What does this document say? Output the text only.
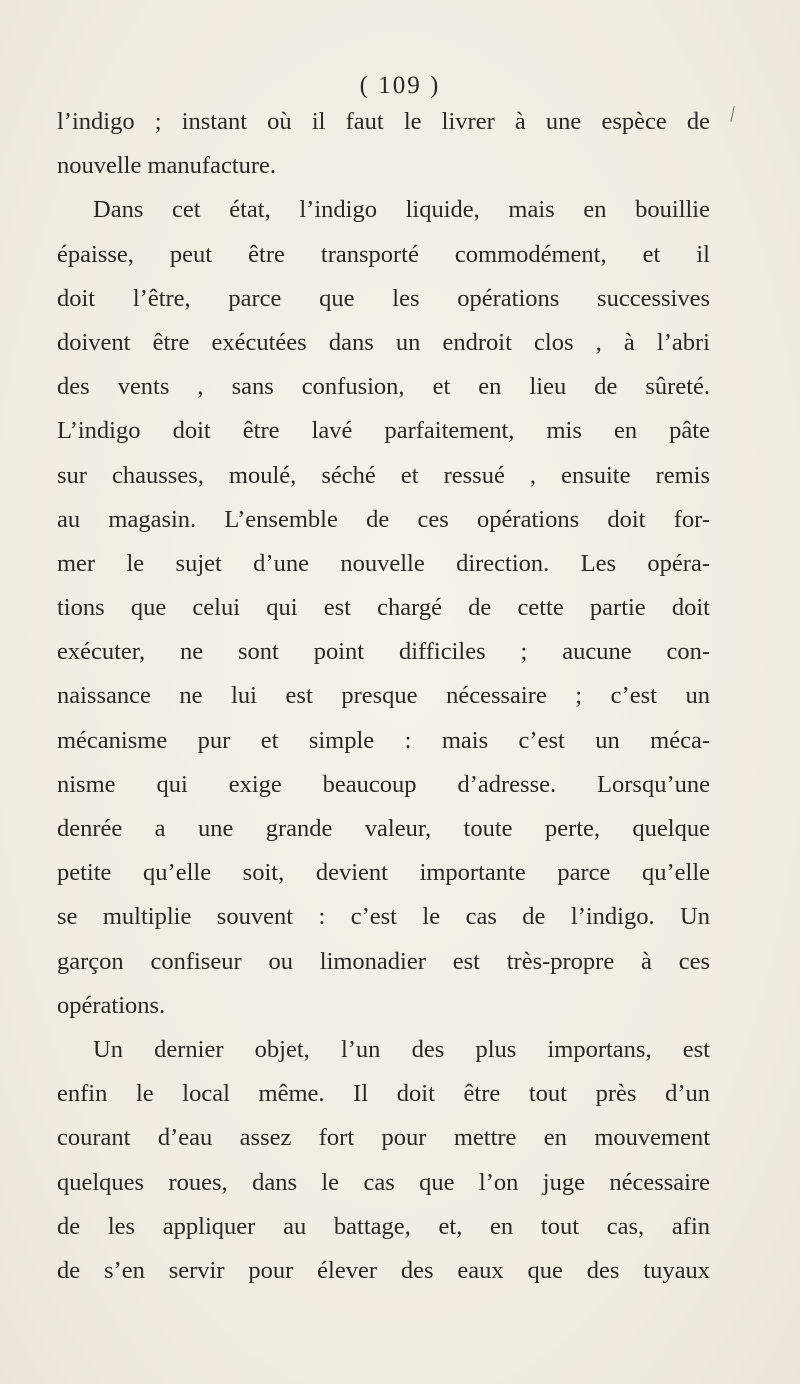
( 109 )
l’indigo ; instant où il faut le livrer à une espèce de
nouvelle manufacture.
Dans cet état, l’indigo liquide, mais en bouillie
épaisse, peut être transporté commodément, et il
doit l’être, parce que les opérations successives
doivent être exécutées dans un endroit clos , à l’abri
des vents , sans confusion, et en lieu de sûreté.
L’indigo doit être lavé parfaitement, mis en pâte
sur chausses, moulé, séché et ressué , ensuite remis
au magasin. L’ensemble de ces opérations doit for-
mer le sujet d’une nouvelle direction. Les opéra-
tions que celui qui est chargé de cette partie doit
exécuter, ne sont point difficiles ; aucune con-
naissance ne lui est presque nécessaire ; c’est un
mécanisme pur et simple : mais c’est un méca-
nisme qui exige beaucoup d’adresse. Lorsqu’une
denrée a une grande valeur, toute perte, quelque
petite qu’elle soit, devient importante parce qu’elle
se multiplie souvent : c’est le cas de l’indigo. Un
garçon confiseur ou limonadier est très-propre à ces
opérations.
Un dernier objet, l’un des plus importans, est
enfin le local même. Il doit être tout près d’un
courant d’eau assez fort pour mettre en mouvement
quelques roues, dans le cas que l’on juge nécessaire
de les appliquer au battage, et, en tout cas, afin
de s’en servir pour élever des eaux que des tuyaux
